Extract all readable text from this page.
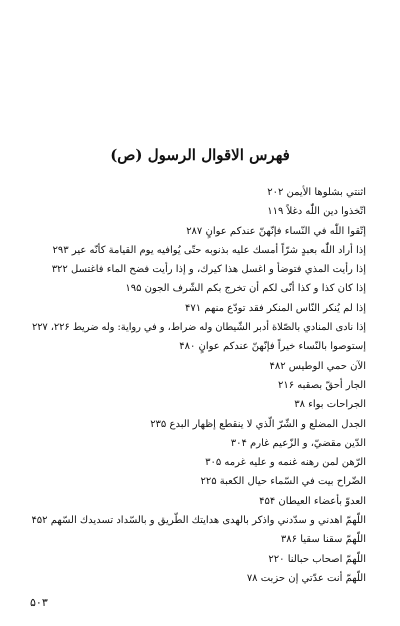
فهرس الاقوال الرسول (ص)
اثنتي بشلوها الأيمن ۲۰۲
اتّخذوا دين اللّٰه دغلاً ۱۱۹
إتّقوا اللّٰه في النّساء فإنّهنّ عندكم عوانٍ ۲۸۷
إذا أراد اللّٰه بعبدٍ شرّاً أمسك عليه بذنوبه حتّى يُوافيه يوم القيامة كأنّه عير ۲۹۳
إذا رأيت المذي فتوضأ و اغسل هذا كيرك، و إذا رأيت فضح الماء فاغتسل ۳۲۲
إذا كان كذا و كذا أنّى لكم أن تخرج بكم الشّرف الجون ۱۹۵
إذا لم يُنكر النّاس المنكر فقد تودّع منهم ۴۷۱
إذا نادى المنادي بالصّلاة أدبر الشّيطان وله ضراط، و في رواية: وله ضريط ۲۲۶، ۲۲۷
إستوصوا بالنّساء خيراً فإنّهنّ عندكم عوانٍ ۴۸۰
الآن حمي الوطيس ۴۸۲
الجار أحقّ بصقبه ۲۱۶
الجراحات بواء ۳۸
الجدل المضلع و الشّرّ الّذي لا ينقطع إظهار البدع ۲۳۵
الدّين مقضيّ، و الزّعيم غارم ۳۰۴
الرّهن لمن رهنه غنمه و عليه غرمه ۳۰۵
الضّراح بيت في السّماء حيال الكعبة ۲۲۵
العدوّ بأعضاء العيطان ۴۵۴
اللّهمّ اهدني و سدّدني واذكر بالهدى هدايتك الطّريق و بالسّداد تسديدك السّهم ۴۵۲
اللّهمّ سقنا سقيا ۳۸۶
اللّهمّ اصحاب حبالنا ۲۲۰
اللّهمّ أنت عدّتي إن حزبت ۷۸
۵۰۳
